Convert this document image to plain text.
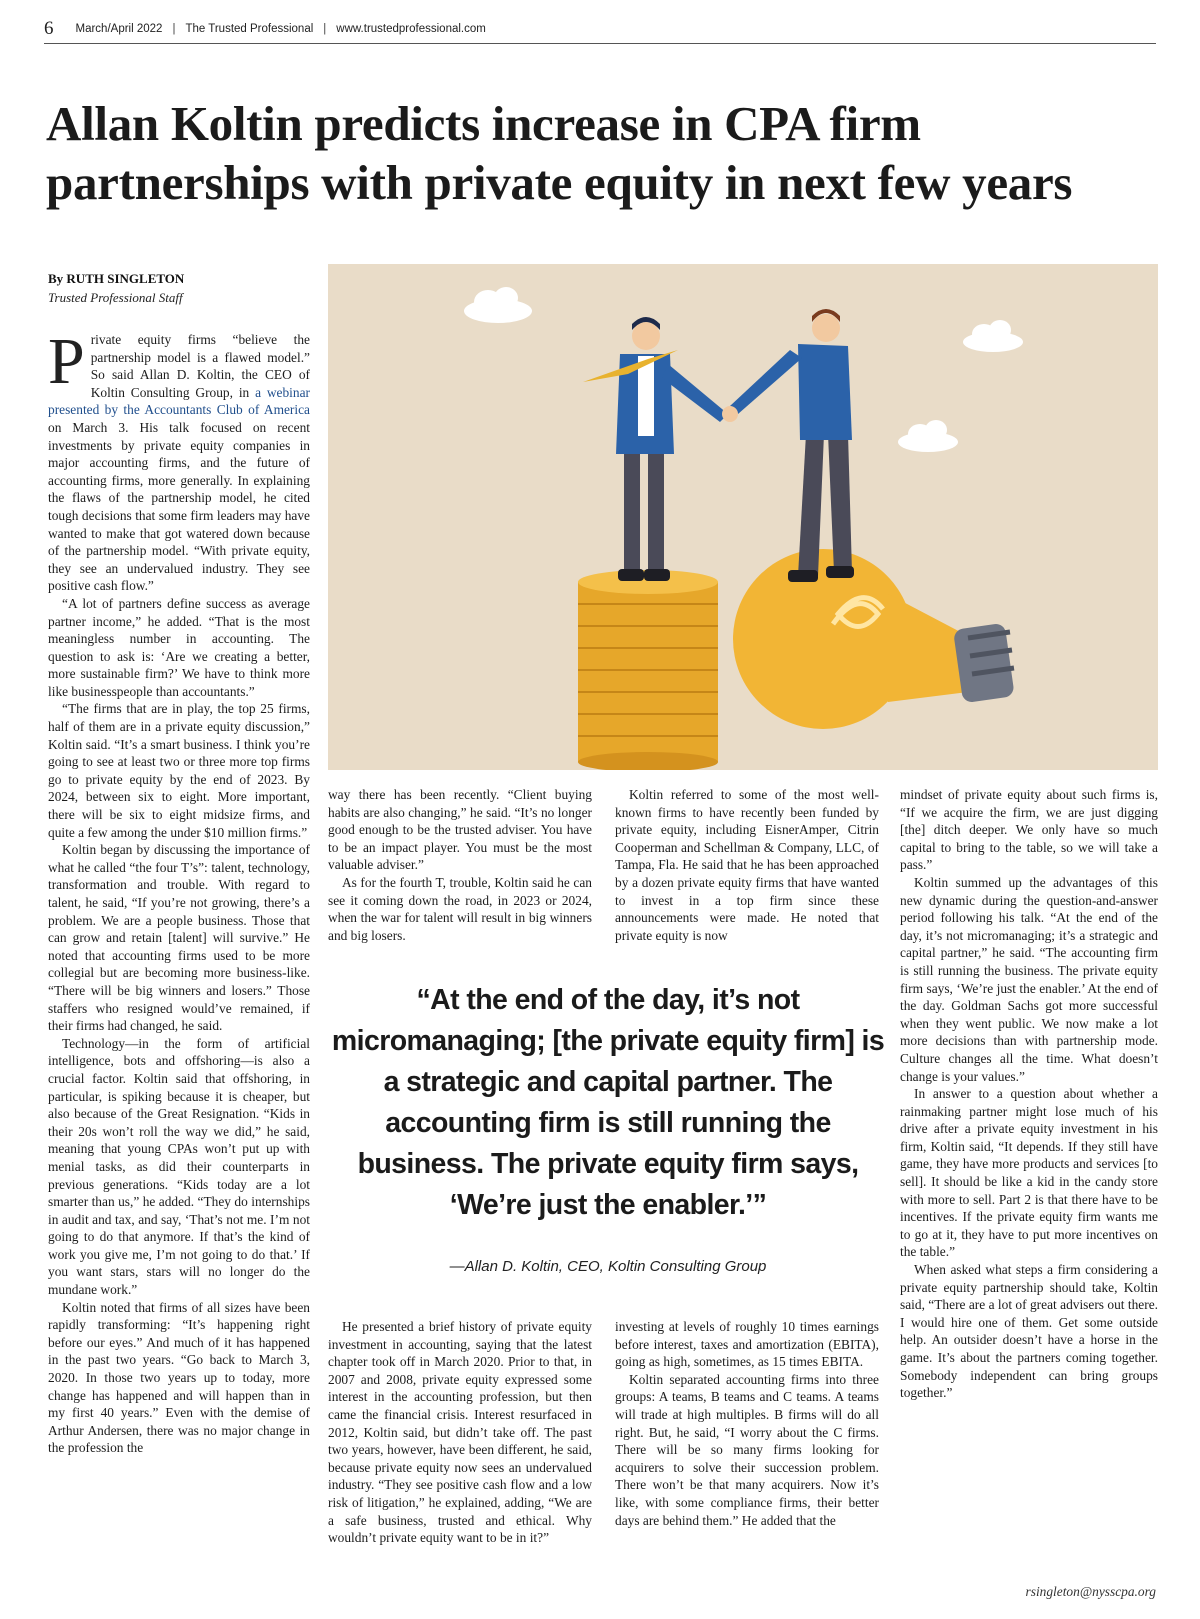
6 March/April 2022 | The Trusted Professional | www.trustedprofessional.com
Allan Koltin predicts increase in CPA firm partnerships with private equity in next few years
By RUTH SINGLETON
Trusted Professional Staff

Private equity firms “believe the partnership model is a flawed model.” So said Allan D. Koltin, the CEO of Koltin Consulting Group, in a webinar presented by the Accountants Club of America on March 3. His talk focused on recent investments by private equity companies in major accounting firms, and the future of accounting firms, more generally. In explaining the flaws of the partnership model, he cited tough decisions that some firm leaders may have wanted to make that got watered down because of the partnership model. “With private equity, they see an undervalued industry. They see positive cash flow.”

“A lot of partners define success as average partner income,” he added. “That is the most meaningless number in accounting. The question to ask is: ‘Are we creating a better, more sustainable firm?’ We have to think more like businesspeople than accountants.”

“The firms that are in play, the top 25 firms, half of them are in a private equity discussion,” Koltin said. “It’s a smart business. I think you’re going to see at least two or three more top firms go to private equity by the end of 2023. By 2024, between six to eight. More important, there will be six to eight midsize firms, and quite a few among the under $10 million firms.”

Koltin began by discussing the importance of what he called “the four T’s”: talent, technology, transformation and trouble. With regard to talent, he said, “If you’re not growing, there’s a problem. We are a people business. Those that can grow and retain [talent] will survive.” He noted that accounting firms used to be more collegial but are becoming more business-like. “There will be big winners and losers.” Those staffers who resigned would’ve remained, if their firms had changed, he said.

Technology—in the form of artificial intelligence, bots and offshoring—is also a crucial factor. Koltin said that offshoring, in particular, is spiking because it is cheaper, but also because of the Great Resignation. “Kids in their 20s won’t roll the way we did,” he said, meaning that young CPAs won’t put up with menial tasks, as did their counterparts in previous generations. “Kids today are a lot smarter than us,” he added. “They do internships in audit and tax, and say, ‘That’s not me. I’m not going to do that anymore. If that’s the kind of work you give me, I’m not going to do that.’ If you want stars, stars will no longer do the mundane work.”

Koltin noted that firms of all sizes have been rapidly transforming: “It’s happening right before our eyes.” And much of it has happened in the past two years. “Go back to March 3, 2020. In those two years up to today, more change has happened and will happen than in my first 40 years.” Even with the demise of Arthur Andersen, there was no major change in the profession the

way there has been recently. “Client buying habits are also changing,” he said. “It’s no longer good enough to be the trusted adviser. You have to be an impact player. You must be the most valuable adviser.”

As for the fourth T, trouble, Koltin said he can see it coming down the road, in 2023 or 2024, when the war for talent will result in big winners and big losers.

Koltin referred to some of the most well-known firms to have recently been funded by private equity, including EisnerAmper, Citrin Cooperman and Schellman & Company, LLC, of Tampa, Fla. He said that he has been approached by a dozen private equity firms that have wanted to invest in a top firm since these announcements were made. He noted that private equity is now

mindset of private equity about such firms is, “If we acquire the firm, we are just digging [the] ditch deeper. We only have so much capital to bring to the table, so we will take a pass.”

Koltin summed up the advantages of this new dynamic during the question-and-answer period following his talk. “At the end of the day, it’s not micromanaging; it’s a strategic and capital partner,” he said. “The accounting firm is still running the business. The private equity firm says, ‘We’re just the enabler.’ At the end of the day. Goldman Sachs got more successful when they went public. We now make a lot more decisions than with partnership mode. Culture changes all the time. What doesn’t change is your values.”

In answer to a question about whether a rainmaking partner might lose much of his drive after a private equity investment in his firm, Koltin said, “It depends. If they still have game, they have more products and services [to sell]. It should be like a kid in the candy store with more to sell. Part 2 is that there have to be incentives. If the private equity firm wants me to go at it, they have to put more incentives on the table.”

When asked what steps a firm considering a private equity partnership should take, Koltin said, “There are a lot of great advisers out there. I would hire one of them. Get some outside help. An outsider doesn’t have a horse in the game. It’s about the partners coming together. Somebody independent can bring groups together.”

“At the end of the day, it’s not micromanaging; [the private equity firm] is a strategic and capital partner. The accounting firm is still running the business. The private equity firm says, ‘We’re just the enabler.’”
—Allan D. Koltin, CEO, Koltin Consulting Group

He presented a brief history of private equity investment in accounting, saying that the latest chapter took off in March 2020. Prior to that, in 2007 and 2008, private equity expressed some interest in the accounting profession, but then came the financial crisis. Interest resurfaced in 2012, Koltin said, but didn’t take off. The past two years, however, have been different, he said, because private equity now sees an undervalued industry. “They see positive cash flow and a low risk of litigation,” he explained, adding, “We are a safe business, trusted and ethical. Why wouldn’t private equity want to be in it?”

investing at levels of roughly 10 times earnings before interest, taxes and amortization (EBITA), going as high, sometimes, as 15 times EBITA.

Koltin separated accounting firms into three groups: A teams, B teams and C teams. A teams will trade at high multiples. B firms will do all right. But, he said, “I worry about the C firms. There will be so many firms looking for acquirers to solve their succession problem. There won’t be that many acquirers. Now it’s like, with some compliance firms, their better days are behind them.” He added that the

rsingleton@nysscpa.org
